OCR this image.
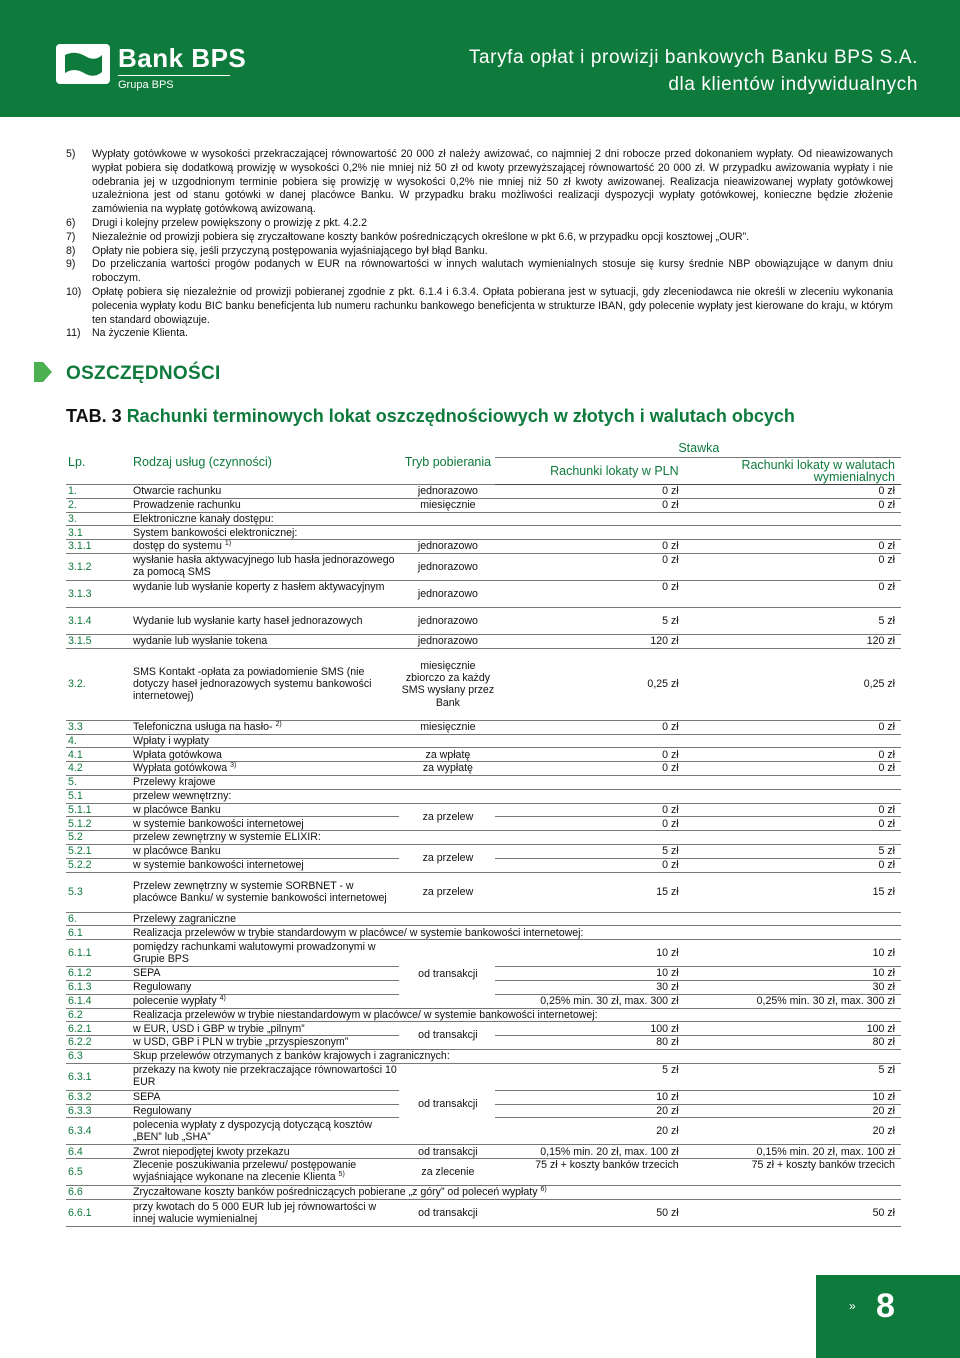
Bank BPS
Grupa BPS
Taryfa opłat i prowizji bankowych Banku BPS S.A.
dla klientów indywidualnych
5)	Wypłaty gotówkowe w wysokości przekraczającej równowartość 20 000 zł należy awizować, co najmniej 2 dni robocze przed dokonaniem wypłaty. Od nieawizowanych wypłat pobiera się dodatkową prowizję w wysokości 0,2% nie mniej niż 50 zł od kwoty przewyższającej równowartość 20 000 zł. W przypadku awizowania wypłaty i nie odebrania jej w uzgodnionym terminie pobiera się prowizję w wysokości 0,2% nie mniej niż 50 zł kwoty awizowanej. Realizacja nieawizowanej wypłaty gotówkowej uzależniona jest od stanu gotówki w danej placówce Banku. W przypadku braku możliwości realizacji dyspozycji wypłaty gotówkowej, konieczne będzie złożenie zamówienia na wypłatę gotówkową awizowaną.
6)	Drugi i kolejny przelew powiększony o prowizję z pkt. 4.2.2
7)	Niezależnie od prowizji pobiera się zryczałtowane koszty banków pośredniczących określone w pkt 6.6, w przypadku opcji kosztowej „OUR”.
8)	Opłaty nie pobiera się, jeśli przyczyną postępowania wyjaśniającego był błąd Banku.
9)	Do przeliczania wartości progów podanych w EUR na równowartości w innych walutach wymienialnych stosuje się kursy średnie NBP obowiązujące w danym dniu roboczym.
10)	Opłatę pobiera się niezależnie od prowizji pobieranej zgodnie z pkt. 6.1.4 i 6.3.4. Opłata pobierana jest w sytuacji, gdy zleceniodawca nie określi w zleceniu wykonania polecenia wypłaty kodu BIC banku beneficjenta lub numeru rachunku bankowego beneficjenta w strukturze IBAN, gdy polecenie wypłaty jest kierowane do kraju, w którym ten standard obowiązuje.
11)	Na życzenie Klienta.
OSZCZĘDNOŚCI
TAB. 3 Rachunki terminowych lokat oszczędnościowych w złotych i walutach obcych
Lp.	Rodzaj usług (czynności)	Tryb pobierania	Stawka	
			Rachunki lokaty w PLN	Rachunki lokaty w walutach wymienialnych
1.	Otwarcie rachunku	jednorazowo	0 zł	0 zł
2.	Prowadzenie rachunku	miesięcznie	0 zł	0 zł
3.	Elektroniczne kanały dostępu:			
3.1	System bankowości elektronicznej:			
3.1.1	dostęp do systemu $^{1)}$	jednorazowo	0 zł	0 zł
3.1.2	wysłanie hasła aktywacyjnego lub hasła jednorazowego za pomocą SMS	jednorazowo	0 zł	0 zł
3.1.3	wydanie lub wysłanie koperty z hasłem aktywacyjnym	jednorazowo	0 zł	0 zł
3.1.4	Wydanie lub wysłanie karty haseł jednorazowych	jednorazowo	5 zł	5 zł
3.1.5	wydanie lub wysłanie tokena	jednorazowo	120 zł	120 zł
3.2.	SMS Kontakt -opłata za powiadomienie SMS (nie dotyczy haseł jednorazowych systemu bankowości internetowej)	miesięcznie zbiorczo za każdy SMS wysłany przez Bank	0,25 zł	0,25 zł
3.3	Telefoniczna usługa na hasło- $^{2)}$	miesięcznie	0 zł	0 zł
4.	Wpłaty i wypłaty			
4.1	Wpłata gotówkowa	za wpłatę	0 zł	0 zł
4.2	Wypłata gotówkowa $^{3)}$	za wypłatę	0 zł	0 zł
5.	Przelewy krajowe			
5.1	przelew wewnętrzny:			
5.1.1	w placówce Banku	za przelew	0 zł	0 zł
5.1.2	w systemie bankowości internetowej		0 zł	0 zł
5.2	przelew zewnętrzny w systemie ELIXIR:			
5.2.1	w placówce Banku	za przelew	5 zł	5 zł
5.2.2	w systemie bankowości internetowej		0 zł	0 zł
5.3	Przelew zewnętrzny w systemie SORBNET - w placówce Banku/ w systemie bankowości internetowej	za przelew	15 zł	15 zł
6.	Przelewy zagraniczne			
6.1	Realizacja przelewów w trybie standardowym w placówce/ w systemie bankowości internetowej:			
6.1.1	pomiędzy rachunkami walutowymi prowadzonymi w Grupie BPS	od transakcji	10 zł	10 zł
6.1.2	SEPA		10 zł	10 zł
6.1.3	Regulowany		30 zł	30 zł
6.1.4	polecenie wypłaty $^{4)}$		0,25% min. 30 zł, max. 300 zł	0,25% min. 30 zł, max. 300 zł
6.2	Realizacja przelewów w trybie niestandardowym w placówce/ w systemie bankowości internetowej:			
6.2.1	w EUR, USD i GBP w trybie „pilnym”	od transakcji	100 zł	100 zł
6.2.2	w USD, GBP i PLN w trybie „przyspieszonym”		80 zł	80 zł
6.3	Skup przelewów otrzymanych z banków krajowych i zagranicznych:			
6.3.1	przekazy na kwoty nie przekraczające równowartości 10 EUR	od transakcji	5 zł	5 zł
6.3.2	SEPA		10 zł	10 zł
6.3.3	Regulowany		20 zł	20 zł
6.3.4	polecenia wypłaty z dyspozycją dotyczącą kosztów „BEN” lub „SHA”		20 zł	20 zł
6.4	Zwrot niepodjętej kwoty przekazu	od transakcji	0,15% min. 20 zł, max. 100 zł	0,15% min. 20 zł, max. 100 zł
6.5	Zlecenie poszukiwania przelewu/ postępowanie wyjaśniające wykonane na zlecenie Klienta $^{5)}$	za zlecenie	75 zł + koszty banków trzecich	75 zł + koszty banków trzecich
6.6	Zryczałtowane koszty banków pośredniczących pobierane „z góry” od poleceń wypłaty $^{6)}$
6.6.1	przy kwotach do 5 000 EUR lub jej równowartości w innej walucie wymienialnej	od transakcji	50 zł	50 zł
» 8
